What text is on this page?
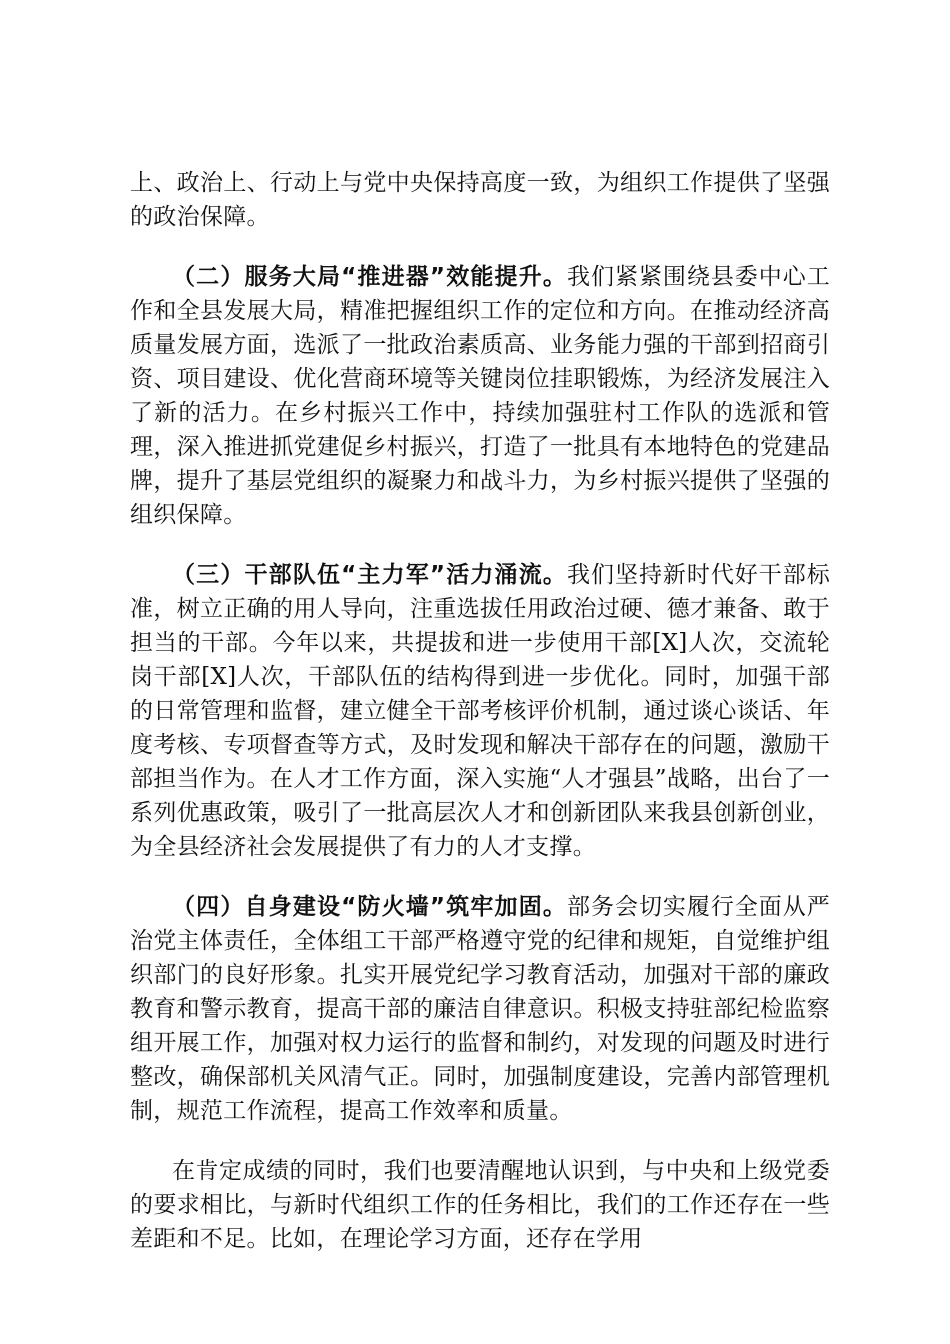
上、政治上、行动上与党中央保持高度一致，为组织工作提供了坚强的政治保障。

（二）服务大局“推进器”效能提升。我们紧紧围绕县委中心工作和全县发展大局，精准把握组织工作的定位和方向。在推动经济高质量发展方面，选派了一批政治素质高、业务能力强的干部到招商引资、项目建设、优化营商环境等关键岗位挂职锻炼，为经济发展注入了新的活力。在乡村振兴工作中，持续加强驻村工作队的选派和管理，深入推进抓党建促乡村振兴，打造了一批具有本地特色的党建品牌，提升了基层党组织的凝聚力和战斗力，为乡村振兴提供了坚强的组织保障。

（三）干部队伍“主力军”活力涌流。我们坚持新时代好干部标准，树立正确的用人导向，注重选拔任用政治过硬、德才兼备、敢于担当的干部。今年以来，共提拔和进一步使用干部[X]人次，交流轮岗干部[X]人次，干部队伍的结构得到进一步优化。同时，加强干部的日常管理和监督，建立健全干部考核评价机制，通过谈心谈话、年度考核、专项督查等方式，及时发现和解决干部存在的问题，激励干部担当作为。在人才工作方面，深入实施“人才强县”战略，出台了一系列优惠政策，吸引了一批高层次人才和创新团队来我县创新创业，为全县经济社会发展提供了有力的人才支撑。

（四）自身建设“防火墙”筑牢加固。部务会切实履行全面从严治党主体责任，全体组工干部严格遵守党的纪律和规矩，自觉维护组织部门的良好形象。扎实开展党纪学习教育活动，加强对干部的廉政教育和警示教育，提高干部的廉洁自律意识。积极支持驻部纪检监察组开展工作，加强对权力运行的监督和制约，对发现的问题及时进行整改，确保部机关风清气正。同时，加强制度建设，完善内部管理机制，规范工作流程，提高工作效率和质量。

在肯定成绩的同时，我们也要清醒地认识到，与中央和上级党委的要求相比，与新时代组织工作的任务相比，我们的工作还存在一些差距和不足。比如，在理论学习方面，还存在学用
